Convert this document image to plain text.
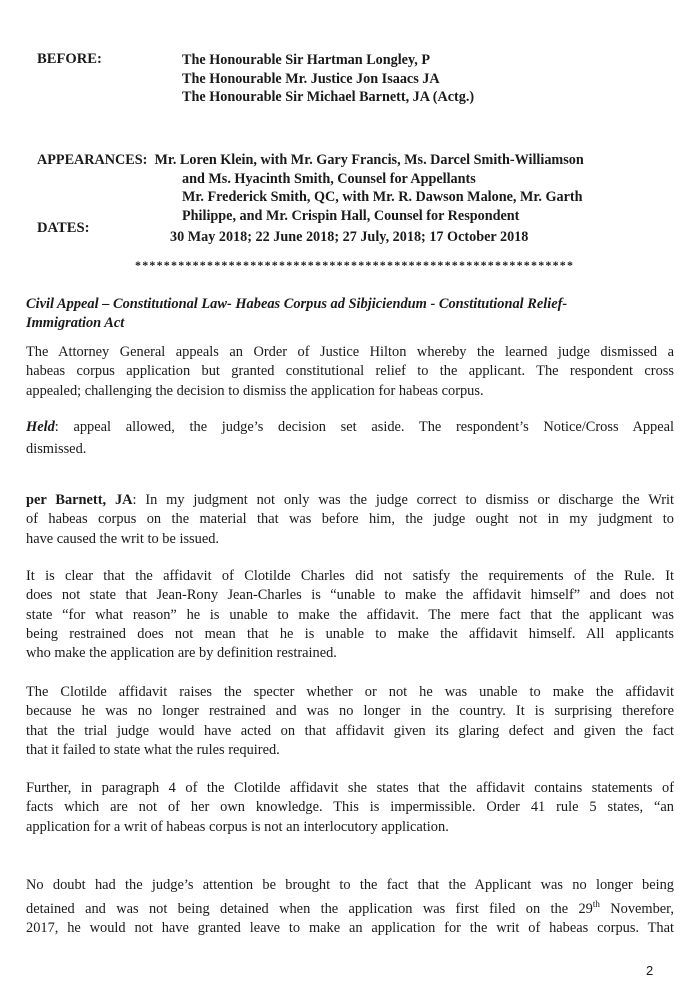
BEFORE:	The Honourable Sir Hartman Longley, P
The Honourable Mr. Justice Jon Isaacs JA
The Honourable Sir Michael Barnett, JA (Actg.)
APPEARANCES: Mr. Loren Klein, with Mr. Gary Francis, Ms. Darcel Smith-Williamson
and Ms. Hyacinth Smith, Counsel for Appellants
Mr. Frederick Smith, QC, with Mr. R. Dawson Malone, Mr. Garth
Philippe, and Mr. Crispin Hall, Counsel for Respondent
DATES:
30 May 2018; 22 June 2018; 27 July, 2018; 17 October 2018
*************************************************************
Civil Appeal – Constitutional Law- Habeas Corpus ad Sibjiciendum - Constitutional Relief-
Immigration Act
The Attorney General appeals an Order of Justice Hilton whereby the learned judge dismissed a
habeas corpus application but granted constitutional relief to the applicant. The respondent cross
appealed; challenging the decision to dismiss the application for habeas corpus.
Held: appeal allowed, the judge’s decision set aside. The respondent’s Notice/Cross Appeal
dismissed.
per Barnett, JA: In my judgment not only was the judge correct to dismiss or discharge the Writ
of habeas corpus on the material that was before him, the judge ought not in my judgment to
have caused the writ to be issued.
It is clear that the affidavit of Clotilde Charles did not satisfy the requirements of the Rule. It
does not state that Jean-Rony Jean-Charles is “unable to make the affidavit himself” and does not
state “for what reason” he is unable to make the affidavit. The mere fact that the applicant was
being restrained does not mean that he is unable to make the affidavit himself. All applicants
who make the application are by definition restrained.
The Clotilde affidavit raises the specter whether or not he was unable to make the affidavit
because he was no longer restrained and was no longer in the country. It is surprising therefore
that the trial judge would have acted on that affidavit given its glaring defect and given the fact
that it failed to state what the rules required.
Further, in paragraph 4 of the Clotilde affidavit she states that the affidavit contains statements of
facts which are not of her own knowledge. This is impermissible. Order 41 rule 5 states, “an
application for a writ of habeas corpus is not an interlocutory application.
No doubt had the judge’s attention be brought to the fact that the Applicant was no longer being
detained and was not being detained when the application was first filed on the 29th November,
2017, he would not have granted leave to make an application for the writ of habeas corpus. That
2
